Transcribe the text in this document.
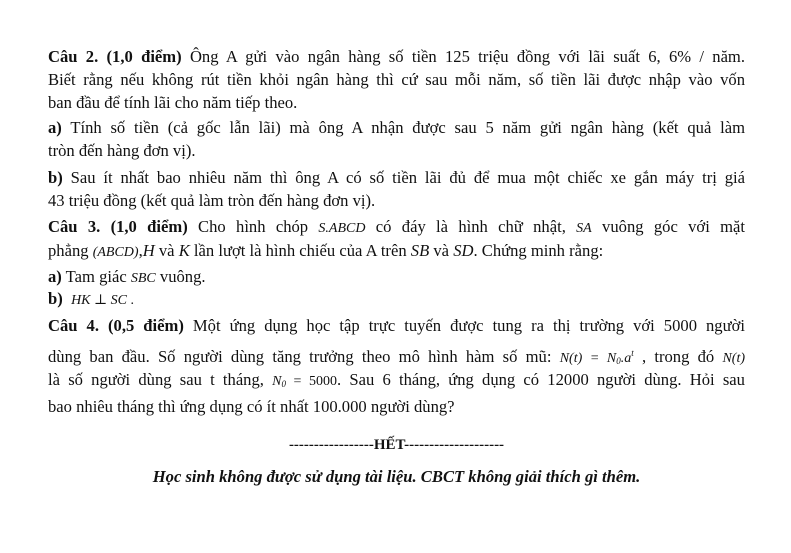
Câu 2. (1,0 điểm) Ông A gửi vào ngân hàng số tiền 125 triệu đồng với lãi suất 6, 6% / năm.
Biết rằng nếu không rút tiền khỏi ngân hàng thì cứ sau mỗi năm, số tiền lãi được nhập vào vốn
ban đầu để tính lãi cho năm tiếp theo.
a) Tính số tiền (cả gốc lẫn lãi) mà ông A nhận được sau 5 năm gửi ngân hàng (kết quả làm
tròn đến hàng đơn vị).
b) Sau ít nhất bao nhiêu năm thì ông A có số tiền lãi đủ để mua một chiếc xe gắn máy trị giá
43 triệu đồng (kết quả làm tròn đến hàng đơn vị).
Câu 3. (1,0 điểm) Cho hình chóp S.ABCD có đáy là hình chữ nhật, SA vuông góc với mặt
phẳng (ABCD),H và K lần lượt là hình chiếu của A trên SB và SD. Chứng minh rằng:
a) Tam giác SBC vuông.
b) HK ⊥ SC .
Câu 4. (0,5 điểm) Một ứng dụng học tập trực tuyến được tung ra thị trường với 5000 người
dùng ban đầu. Số người dùng tăng trưởng theo mô hình hàm số mũ: $N(t) = N_0.a^t$ , trong đó N(t)
là số người dùng sau t tháng, $N_0 = 5000$. Sau 6 tháng, ứng dụng có 12000 người dùng. Hỏi sau
bao nhiêu tháng thì ứng dụng có ít nhất 100.000 người dùng?
-----------------HẾT--------------------
Học sinh không được sử dụng tài liệu. CBCT không giải thích gì thêm.
